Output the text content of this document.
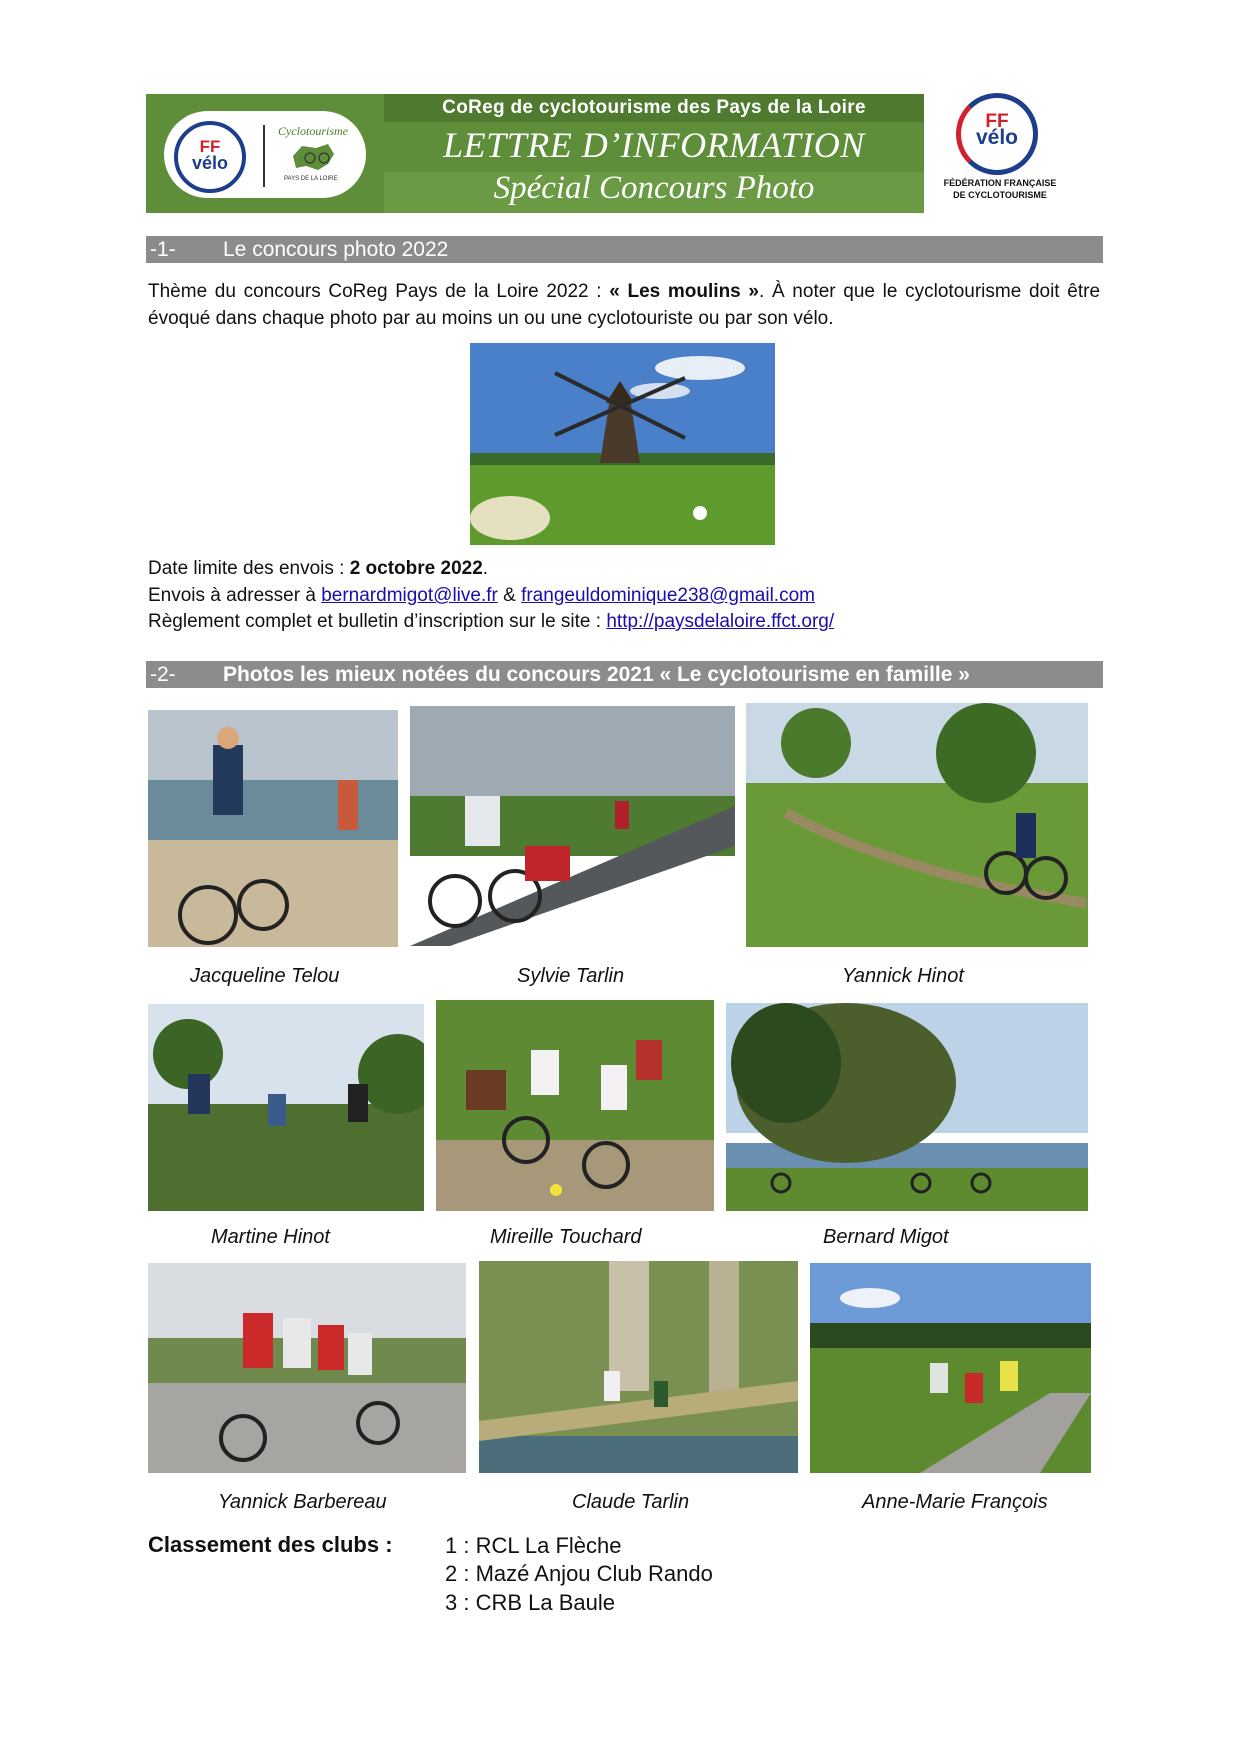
FF
vélo
Cyclotourisme
PAYS DE LA LOIRE
CoReg de cyclotourisme des Pays de la Loire
LETTRE D’INFORMATION
Spécial Concours Photo
FF
vélo
FÉDÉRATION FRANÇAISE
DE CYCLOTOURISME
-1- Le concours photo 2022
Thème du concours CoReg Pays de la Loire 2022 : « Les moulins ». À noter que le cyclotourisme doit être évoqué dans chaque photo par au moins un ou une cyclotouriste ou par son vélo.
Date limite des envois : 2 octobre 2022.
Envois à adresser à bernardmigot@live.fr & frangeuldominique238@gmail.com
Règlement complet et bulletin d’inscription sur le site : http://paysdelaloire.ffct.org/
-2- Photos les mieux notées du concours 2021 « Le cyclotourisme en famille »
Jacqueline Telou	Sylvie Tarlin	Yannick Hinot
Martine Hinot	Mireille Touchard	Bernard Migot
Yannick Barbereau	Claude Tarlin	Anne-Marie François
Classement des clubs : 1 : RCL La Flèche
2 : Mazé Anjou Club Rando
3 : CRB La Baule
